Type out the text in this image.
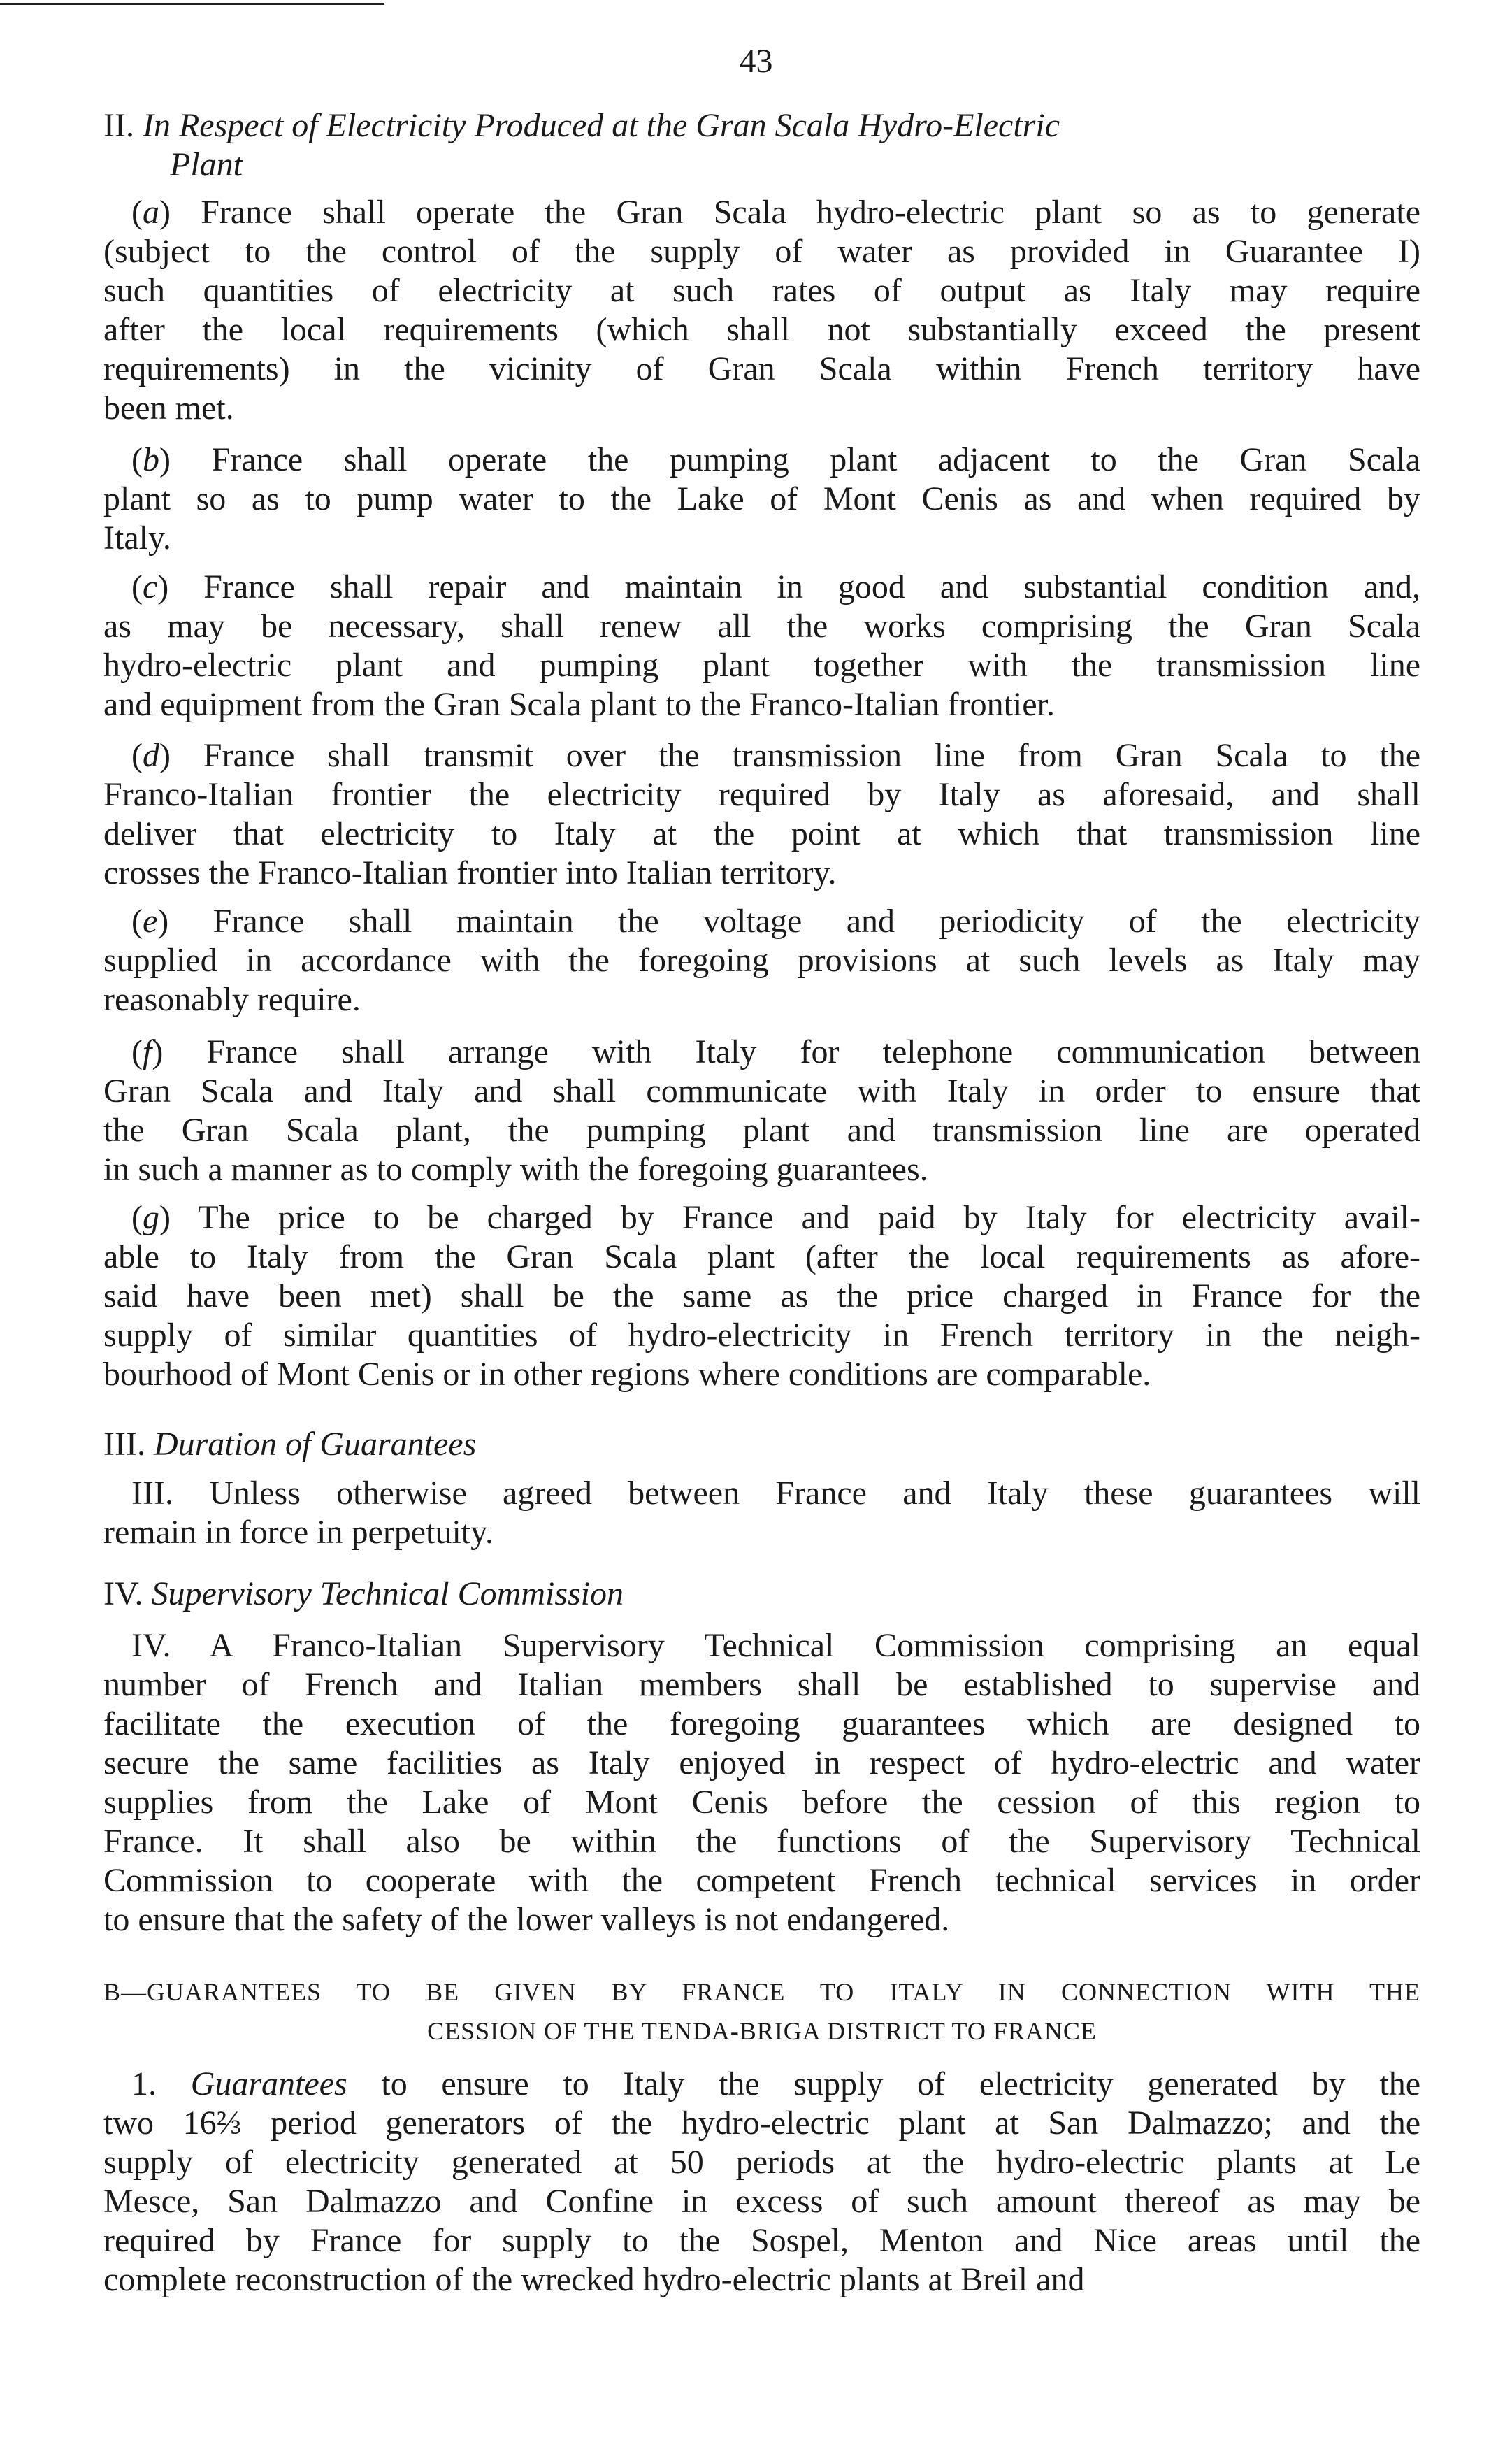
43
II. In Respect of Electricity Produced at the Gran Scala Hydro-Electric
Plant
(a) France shall operate the Gran Scala hydro-electric plant so as to generate
(subject to the control of the supply of water as provided in Guarantee I)
such quantities of electricity at such rates of output as Italy may require
after the local requirements (which shall not substantially exceed the present
requirements) in the vicinity of Gran Scala within French territory have
been met.
(b) France shall operate the pumping plant adjacent to the Gran Scala
plant so as to pump water to the Lake of Mont Cenis as and when required by
Italy.
(c) France shall repair and maintain in good and substantial condition and,
as may be necessary, shall renew all the works comprising the Gran Scala
hydro-electric plant and pumping plant together with the transmission line
and equipment from the Gran Scala plant to the Franco-Italian frontier.
(d) France shall transmit over the transmission line from Gran Scala to the
Franco-Italian frontier the electricity required by Italy as aforesaid, and shall
deliver that electricity to Italy at the point at which that transmission line
crosses the Franco-Italian frontier into Italian territory.
(e) France shall maintain the voltage and periodicity of the electricity
supplied in accordance with the foregoing provisions at such levels as Italy may
reasonably require.
(f) France shall arrange with Italy for telephone communication between
Gran Scala and Italy and shall communicate with Italy in order to ensure that
the Gran Scala plant, the pumping plant and transmission line are operated
in such a manner as to comply with the foregoing guarantees.
(g) The price to be charged by France and paid by Italy for electricity avail-
able to Italy from the Gran Scala plant (after the local requirements as afore-
said have been met) shall be the same as the price charged in France for the
supply of similar quantities of hydro-electricity in French territory in the neigh-
bourhood of Mont Cenis or in other regions where conditions are comparable.
III. Duration of Guarantees
III. Unless otherwise agreed between France and Italy these guarantees will
remain in force in perpetuity.
IV. Supervisory Technical Commission
IV. A Franco-Italian Supervisory Technical Commission comprising an equal
number of French and Italian members shall be established to supervise and
facilitate the execution of the foregoing guarantees which are designed to
secure the same facilities as Italy enjoyed in respect of hydro-electric and water
supplies from the Lake of Mont Cenis before the cession of this region to
France. It shall also be within the functions of the Supervisory Technical
Commission to cooperate with the competent French technical services in order
to ensure that the safety of the lower valleys is not endangered.
B—GUARANTEES TO BE GIVEN BY FRANCE TO ITALY IN CONNECTION WITH THE
CESSION OF THE TENDA-BRIGA DISTRICT TO FRANCE
1. Guarantees to ensure to Italy the supply of electricity generated by the
two 16⅔ period generators of the hydro-electric plant at San Dalmazzo; and the
supply of electricity generated at 50 periods at the hydro-electric plants at Le
Mesce, San Dalmazzo and Confine in excess of such amount thereof as may be
required by France for supply to the Sospel, Menton and Nice areas until the
complete reconstruction of the wrecked hydro-electric plants at Breil and
